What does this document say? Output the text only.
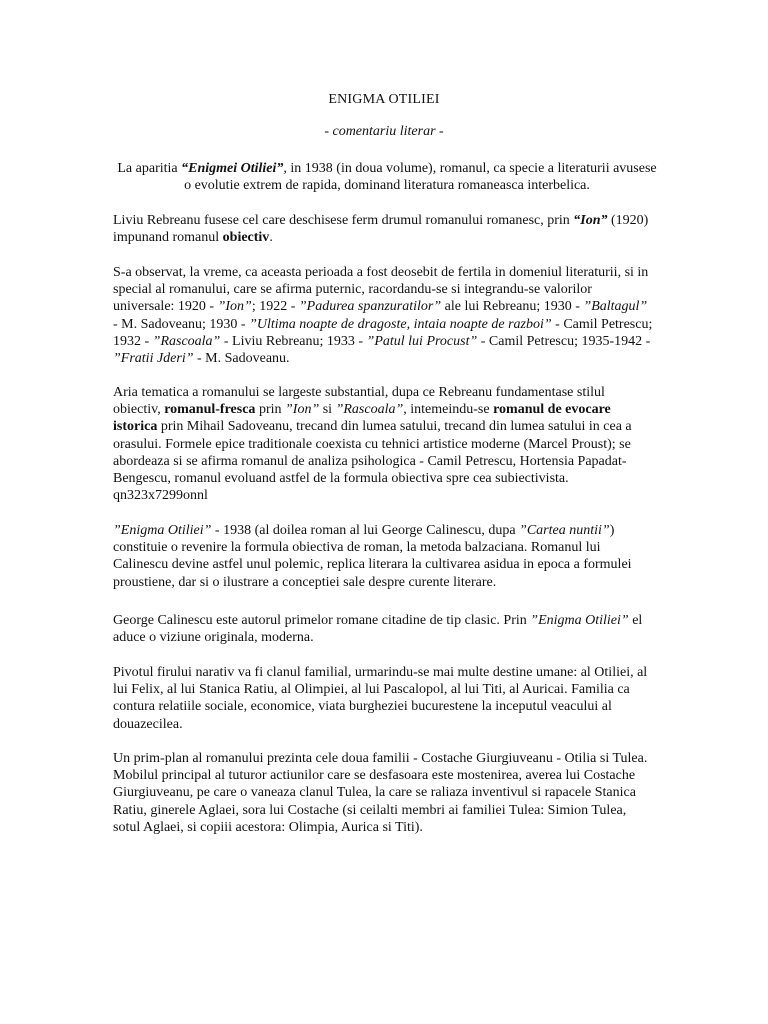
ENIGMA OTILIEI
- comentariu literar -

La aparitia “Enigmei Otiliei”, in 1938 (in doua volume), romanul, ca specie a literaturii avusese o evolutie extrem de rapida, dominand literatura romaneasca interbelica.

Liviu Rebreanu fusese cel care deschisese ferm drumul romanului romanesc, prin “Ion” (1920) impunand romanul obiectiv.

S-a observat, la vreme, ca aceasta perioada a fost deosebit de fertila in domeniul literaturii, si in special al romanului, care se afirma puternic, racordandu-se si integrandu-se valorilor universale: 1920 - ”Ion”; 1922 - ”Padurea spanzuratilor” ale lui Rebreanu; 1930 - ”Baltagul” - M. Sadoveanu; 1930 - ”Ultima noapte de dragoste, intaia noapte de razboi” - Camil Petrescu; 1932 - ”Rascoala” - Liviu Rebreanu; 1933 - ”Patul lui Procust” - Camil Petrescu; 1935-1942 - ”Fratii Jderi” - M. Sadoveanu.

Aria tematica a romanului se largeste substantial, dupa ce Rebreanu fundamentase stilul obiectiv, romanul-fresca prin ”Ion” si ”Rascoala”, intemeindu-se romanul de evocare istorica prin Mihail Sadoveanu, trecand din lumea satului, trecand din lumea satului in cea a orasului. Formele epice traditionale coexista cu tehnici artistice moderne (Marcel Proust); se abordeaza si se afirma romanul de analiza psihologica - Camil Petrescu, Hortensia Papadat-Bengescu, romanul evoluand astfel de la formula obiectiva spre cea subiectivista. qn323x7299onnl

”Enigma Otiliei” - 1938 (al doilea roman al lui George Calinescu, dupa ”Cartea nuntii”) constituie o revenire la formula obiectiva de roman, la metoda balzaciana. Romanul lui Calinescu devine astfel unul polemic, replica literara la cultivarea asidua in epoca a formulei proustiene, dar si o ilustrare a conceptiei sale despre curente literare.

George Calinescu este autorul primelor romane citadine de tip clasic. Prin ”Enigma Otiliei” el aduce o viziune originala, moderna.

Pivotul firului narativ va fi clanul familial, urmarindu-se mai multe destine umane: al Otiliei, al lui Felix, al lui Stanica Ratiu, al Olimpiei, al lui Pascalopol, al lui Titi, al Auricai. Familia ca contura relatiile sociale, economice, viata burgheziei bucurestene la inceputul veacului al douazecilea.

Un prim-plan al romanului prezinta cele doua familii - Costache Giurgiuveanu - Otilia si Tulea. Mobilul principal al tuturor actiunilor care se desfasoara este mostenirea, averea lui Costache Giurgiuveanu, pe care o vaneaza clanul Tulea, la care se raliaza inventivul si rapacele Stanica Ratiu, ginerele Aglaei, sora lui Costache (si ceilalti membri ai familiei Tulea: Simion Tulea, sotul Aglaei, si copiii acestora: Olimpia, Aurica si Titi).
